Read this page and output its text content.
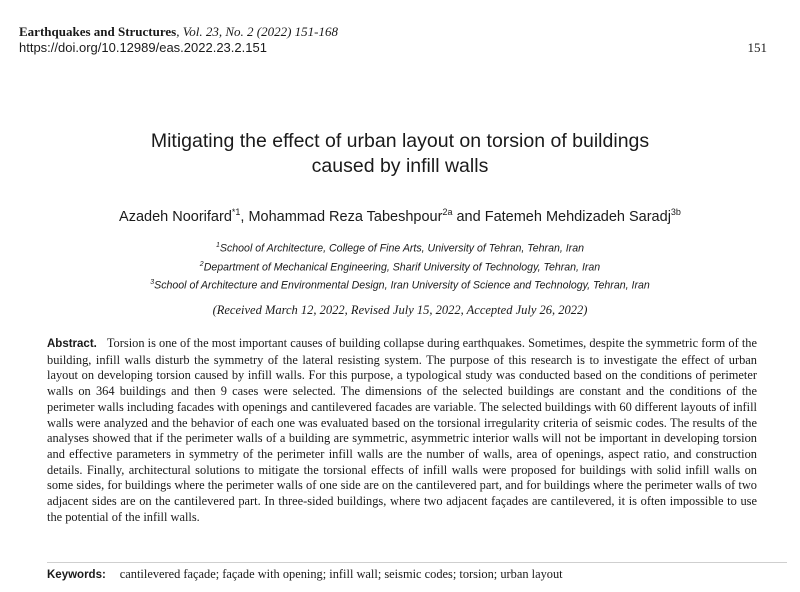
Earthquakes and Structures, Vol. 23, No. 2 (2022) 151-168
https://doi.org/10.12989/eas.2022.23.2.151	151
Mitigating the effect of urban layout on torsion of buildings
caused by infill walls
Azadeh Noorifard$^{*1}$, Mohammad Reza Tabeshpour$^{2a}$ and Fatemeh Mehdizadeh Saradj$^{3b}$
$^1$School of Architecture, College of Fine Arts, University of Tehran, Tehran, Iran
$^2$Department of Mechanical Engineering, Sharif University of Technology, Tehran, Iran
$^3$School of Architecture and Environmental Design, Iran University of Science and Technology, Tehran, Iran
(Received March 12, 2022, Revised July 15, 2022, Accepted July 26, 2022)
Abstract. Torsion is one of the most important causes of building collapse during earthquakes. Sometimes, despite the symmetric form of the building, infill walls disturb the symmetry of the lateral resisting system. The purpose of this research is to investigate the effect of urban layout on developing torsion caused by infill walls. For this purpose, a typological study was conducted based on the conditions of perimeter walls on 364 buildings and then 9 cases were selected. The dimensions of the selected buildings are constant and the conditions of the perimeter walls including facades with openings and cantilevered facades are variable. The selected buildings with 60 different layouts of infill walls were analyzed and the behavior of each one was evaluated based on the torsional irregularity criteria of seismic codes. The results of the analyses showed that if the perimeter walls of a building are symmetric, asymmetric interior walls will not be important in developing torsion and effective parameters in symmetry of the perimeter infill walls are the number of walls, area of openings, aspect ratio, and construction details. Finally, architectural solutions to mitigate the torsional effects of infill walls were proposed for buildings with solid infill walls on some sides, for buildings where the perimeter walls of one side are on the cantilevered part, and for buildings where the perimeter walls of two adjacent sides are on the cantilevered part. In three-sided buildings, where two adjacent façades are cantilevered, it is often impossible to use the potential of the infill walls.
Keywords: cantilevered façade; façade with opening; infill wall; seismic codes; torsion; urban layout
